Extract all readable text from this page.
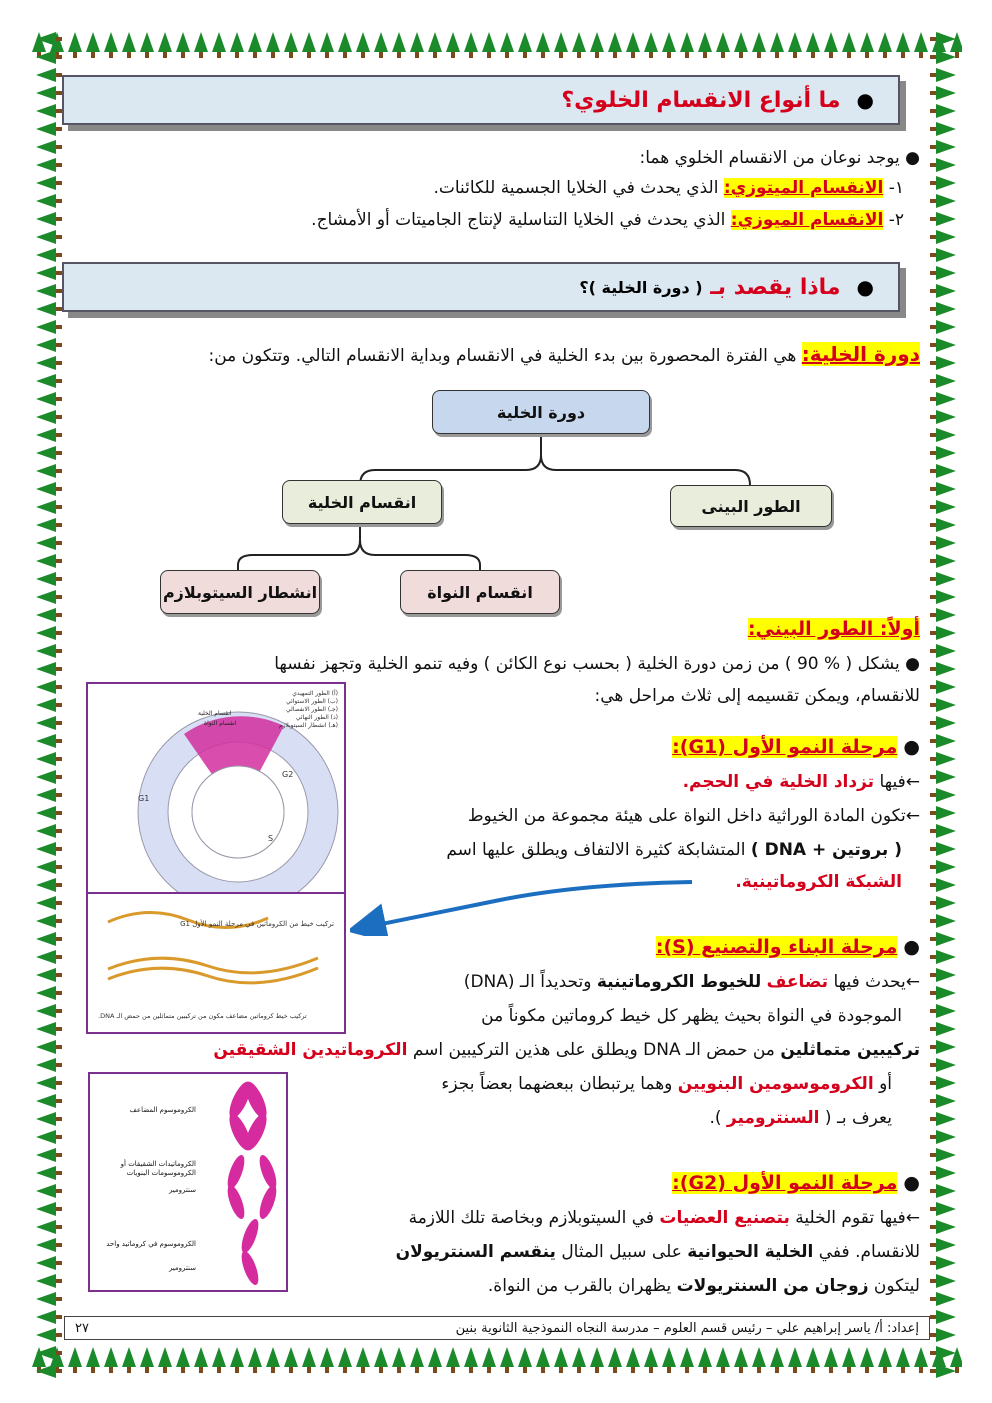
●
ما أنواع الانقسام الخلوي؟
● يوجد نوعان من الانقسام الخلوي هما:
١- الانقسام الميتوزي: الذي يحدث في الخلايا الجسمية للكائنات.
٢- الانقسام الميوزي: الذي يحدث في الخلايا التناسلية لإنتاج الجاميتات أو الأمشاج.
●
ماذا يقصد بـ

( دورة الخلية )؟
دورة الخلية: هي الفترة المحصورة بين بدء الخلية في الانقسام وبداية الانقسام التالي. وتتكون من:
دورة الخلية
انقسام الخلية	الطور البينى
انشطار السيتوبلازم	انقسام النواة
أولاً: الطور البيني:
● يشكل ( % 90 ) من زمن دورة الخلية ( بحسب نوع الكائن ) وفيه تنمو الخلية وتجهز نفسها
للانقسام، ويمكن تقسيمه إلى ثلاث مراحل هي:
● مرحلة النمو الأول (G1):
←فيها تزداد الخلية في الحجم.
←تكون المادة الوراثية داخل النواة على هيئة مجموعة من الخيوط
( بروتين + DNA ) المتشابكة كثيرة الالتفاف ويطلق عليها اسم
الشبكة الكروماتينية.
● مرحلة البناء والتصنيع (S):
←يحدث فيها تضاعف للخيوط الكروماتينية وتحديداً الـ (DNA)
الموجودة في النواة بحيث يظهر كل خيط كروماتين مكوناً من
تركيبين متماثلين من حمض الـ DNA ويطلق على هذين التركيبين اسم الكروماتيدين الشقيقين
أو الكروموسومين البنويين وهما يرتبطان ببعضهما بعضاً بجزء
يعرف بـ ( السنترومير ).
● مرحلة النمو الأول (G2):
←فيها تقوم الخلية بتصنيع العضيات في السيتوبلازم وبخاصة تلك اللازمة
للانقسام. ففي الخلية الحيوانية على سبيل المثال ينقسم السنتريولان
ليتكون زوجان من السنتريولات يظهران بالقرب من النواة.
(أ) الطور التمهيدي
(ب) الطور الاستوائي
(جـ) الطور الانفصالي
(د) الطور النهائي
(هـ) انشطار السيتوبلازم
انقسام الخلية
انقسام النواة
G2
S
G1
تركيب خيط من الكروماتين في مرحلة النمو الأول G1
تركيب خيط كروماتين مضاعف مكون من تركيبين متماثلين من حمض الـ DNA.
الكروموسوم المضاعف
الكروماتيدات الشقيقات أو الكروموسومات البنويات
سنترومير
الكروموسوم في كروماتيد واحد
سنترومير
إعداد: أ/ ياسر إبراهيم علي – رئيس قسم العلوم – مدرسة النجاه النموذجية الثانوية بنين
٢٧
